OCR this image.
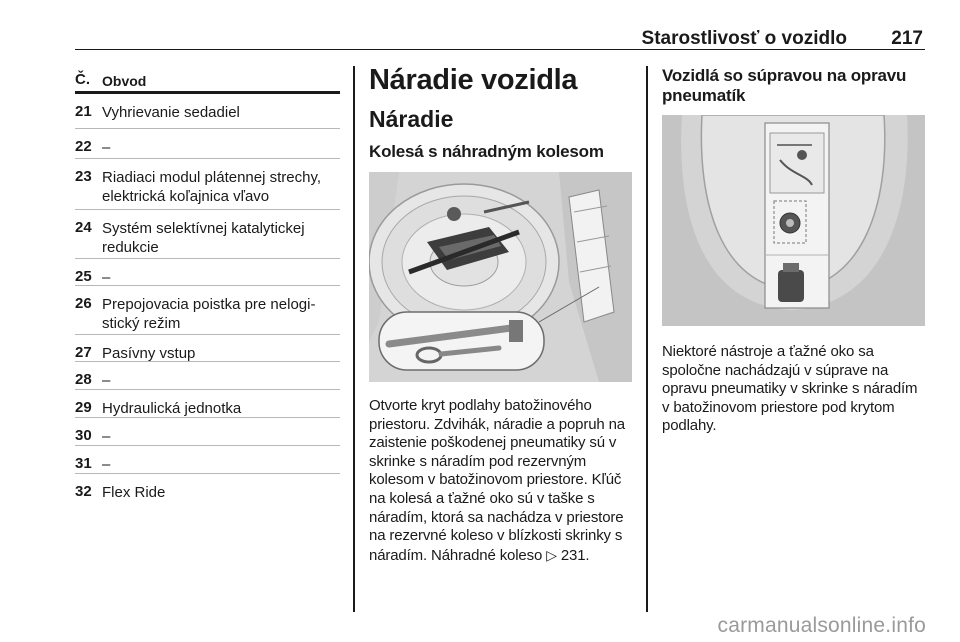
Starostlivosť o vozidlo 217
Č. Obvod
21 Vyhrievanie sedadiel
22 –
23 Riadiaci modul plátennej strechy, elektrická koľajnica vľavo
24 Systém selektívnej katalytickej redukcie
25 –
26 Prepojovacia poistka pre nelogi-stický režim
27 Pasívny vstup
28 –
29 Hydraulická jednotka
30 –
31 –
32 Flex Ride
Náradie vozidla
Náradie
Kolesá s náhradným kolesom
Otvorte kryt podlahy batožinového priestoru. Zdvihák, náradie a popruh na zaistenie poškodenej pneumatiky sú v skrinke s náradím pod rezervným kolesom v batožinovom priestore. Kľúč na kolesá a ťažné oko sú v taške s náradím, ktorá sa nachádza v priestore na rezervné koleso v blízkosti skrinky s náradím. Náhradné koleso ▷ 231.
Vozidlá so súpravou na opravu pneumatík
Niektoré nástroje a ťažné oko sa spoločne nachádzajú v súprave na opravu pneumatiky v skrinke s náradím v batožinovom priestore pod krytom podlahy.
carmanualsonline.info
